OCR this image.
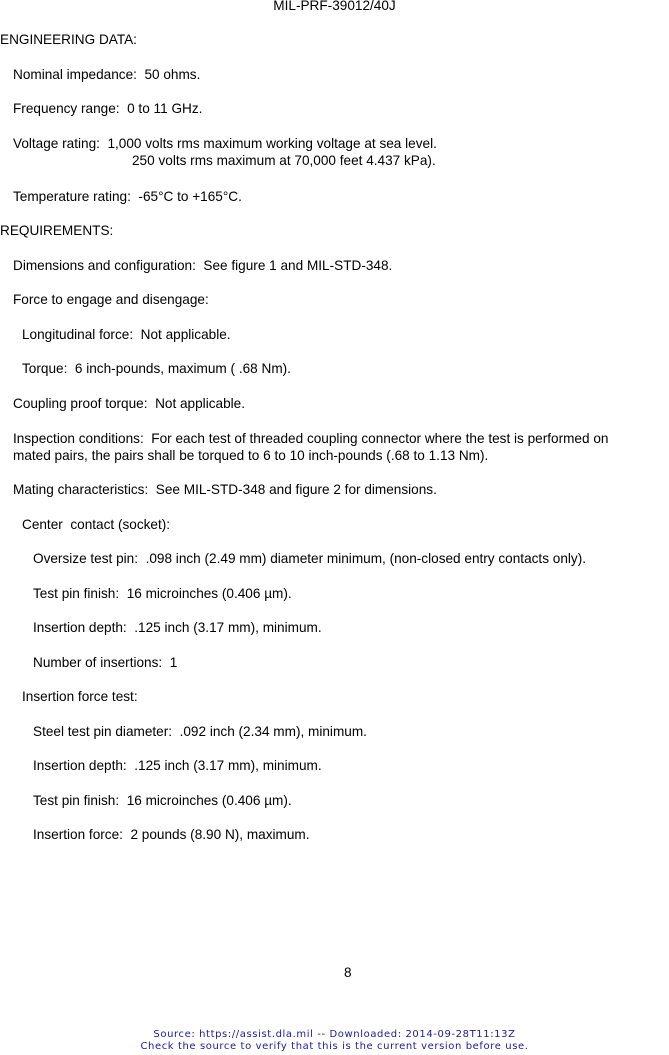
MIL-PRF-39012/40J
ENGINEERING DATA:
Nominal impedance:  50 ohms.
Frequency range:  0 to 11 GHz.
Voltage rating:  1,000 volts rms maximum working voltage at sea level.
250 volts rms maximum at 70,000 feet 4.437 kPa).
Temperature rating:  -65°C to +165°C.
REQUIREMENTS:
Dimensions and configuration:  See figure 1 and MIL-STD-348.
Force to engage and disengage:
Longitudinal force:  Not applicable.
Torque:  6 inch-pounds, maximum ( .68 Nm).
Coupling proof torque:  Not applicable.
Inspection conditions:  For each test of threaded coupling connector where the test is performed on
mated pairs, the pairs shall be torqued to 6 to 10 inch-pounds (.68 to 1.13 Nm).
Mating characteristics:  See MIL-STD-348 and figure 2 for dimensions.
Center  contact (socket):
Oversize test pin:  .098 inch (2.49 mm) diameter minimum, (non-closed entry contacts only).
Test pin finish:  16 microinches (0.406 µm).
Insertion depth:  .125 inch (3.17 mm), minimum.
Number of insertions:  1
Insertion force test:
Steel test pin diameter:  .092 inch (2.34 mm), minimum.
Insertion depth:  .125 inch (3.17 mm), minimum.
Test pin finish:  16 microinches (0.406 µm).
Insertion force:  2 pounds (8.90 N), maximum.
8
Source: https://assist.dla.mil -- Downloaded: 2014-09-28T11:13Z
Check the source to verify that this is the current version before use.
